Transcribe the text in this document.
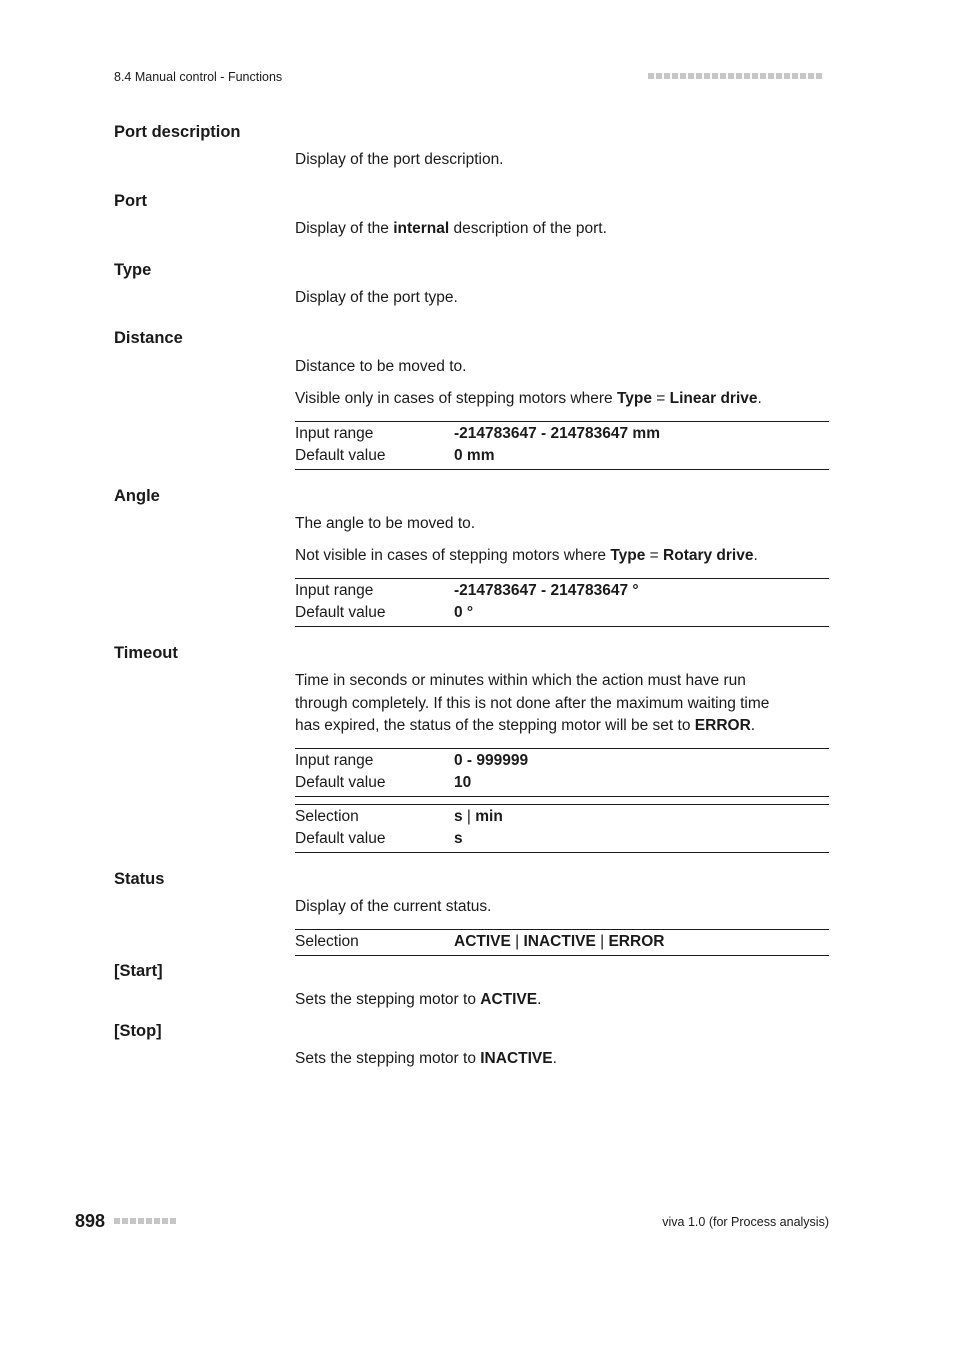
8.4 Manual control - Functions
Port description
Display of the port description.
Port
Display of the internal description of the port.
Type
Display of the port type.
Distance
Distance to be moved to.
Visible only in cases of stepping motors where Type = Linear drive.
Input range	-214783647 - 214783647 mm
Default value	0 mm
Angle
The angle to be moved to.
Not visible in cases of stepping motors where Type = Rotary drive.
Input range	-214783647 - 214783647 °
Default value	0 °
Timeout
Time in seconds or minutes within which the action must have run
through completely. If this is not done after the maximum waiting time
has expired, the status of the stepping motor will be set to ERROR.
Input range	0 - 999999
Default value	10
Selection	s | min
Default value	s
Status
Display of the current status.
Selection	ACTIVE | INACTIVE | ERROR
[Start]
Sets the stepping motor to ACTIVE.
[Stop]
Sets the stepping motor to INACTIVE.
898	viva 1.0 (for Process analysis)
